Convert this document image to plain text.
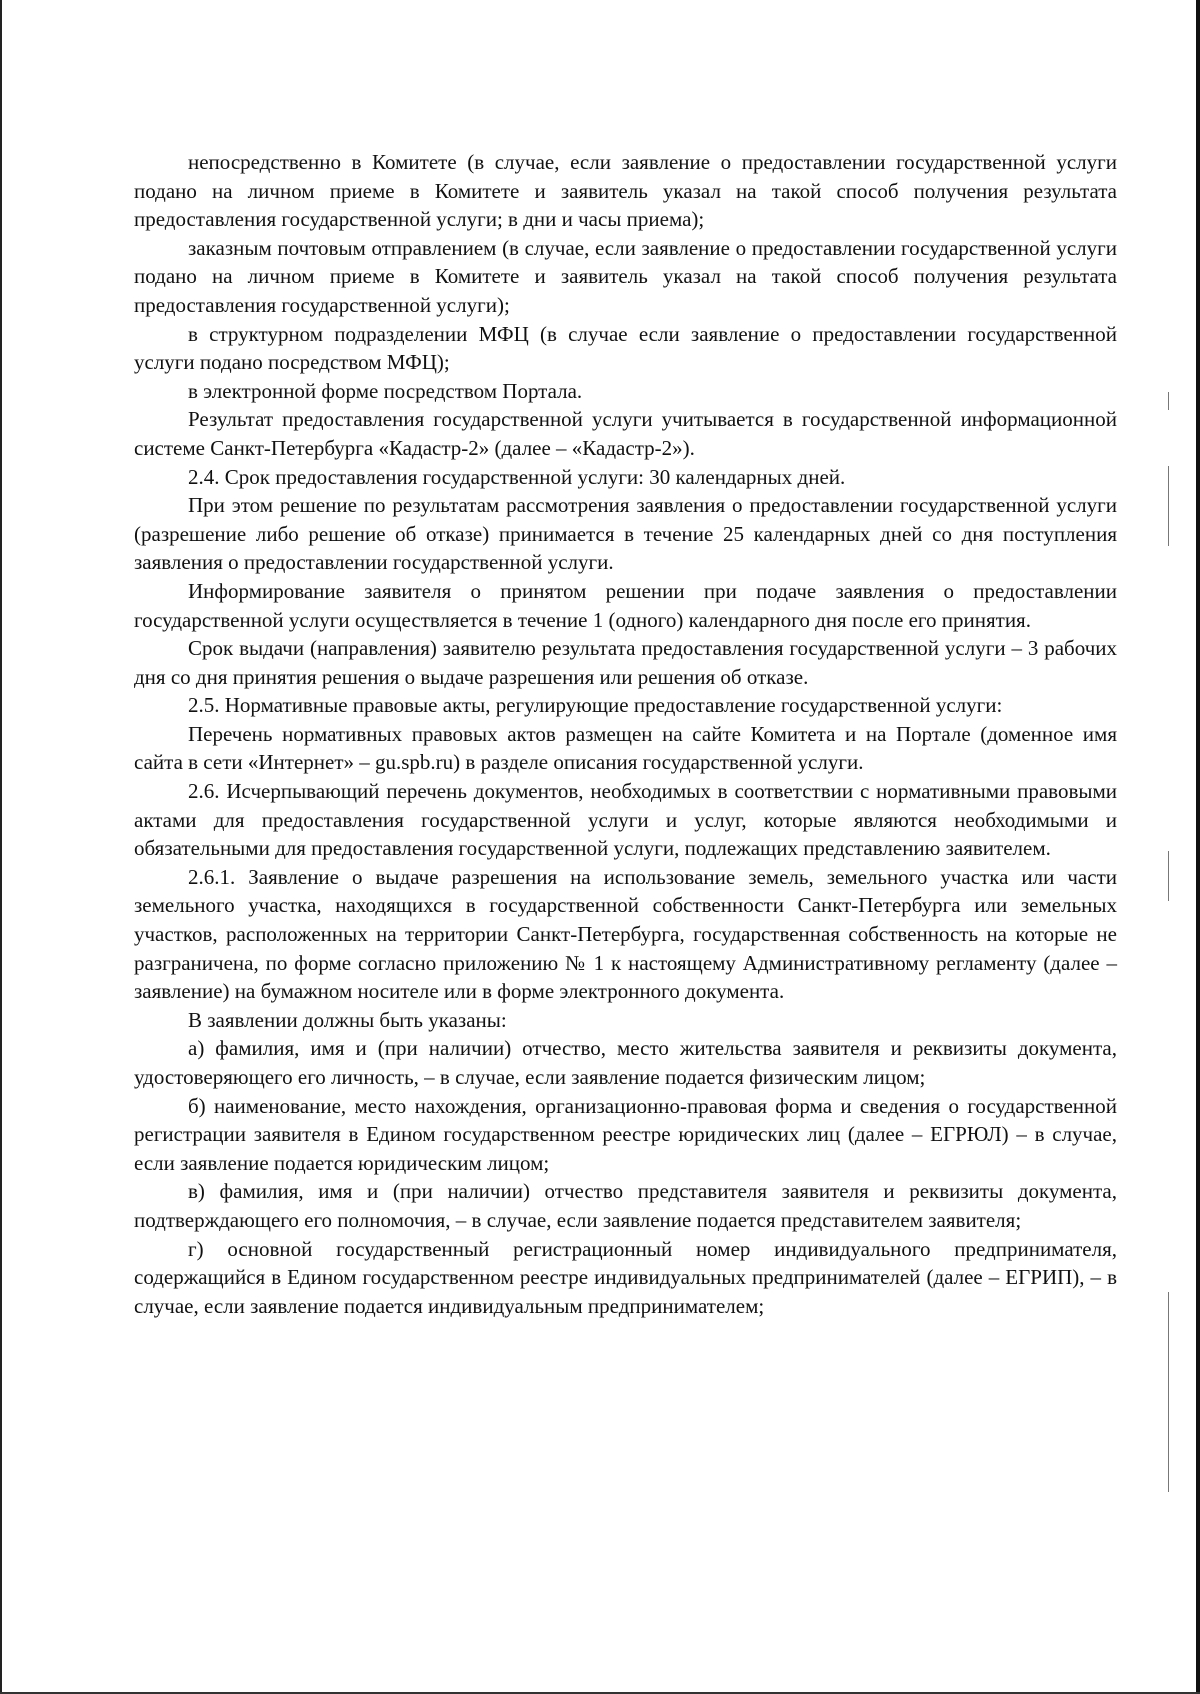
непосредственно в Комитете (в случае, если заявление о предоставлении государственной услуги подано на личном приеме в Комитете и заявитель указал на такой способ получения результата предоставления государственной услуги; в дни и часы приема);

заказным почтовым отправлением (в случае, если заявление о предоставлении государственной услуги подано на личном приеме в Комитете и заявитель указал на такой способ получения результата предоставления государственной услуги);

в структурном подразделении МФЦ (в случае если заявление о предоставлении государственной услуги подано посредством МФЦ);

в электронной форме посредством Портала.

Результат предоставления государственной услуги учитывается в государственной информационной системе Санкт-Петербурга «Кадастр-2» (далее – «Кадастр-2»).

2.4. Срок предоставления государственной услуги: 30 календарных дней.

При этом решение по результатам рассмотрения заявления о предоставлении государственной услуги (разрешение либо решение об отказе) принимается в течение 25 календарных дней со дня поступления заявления о предоставлении государственной услуги.

Информирование заявителя о принятом решении при подаче заявления о предоставлении государственной услуги осуществляется в течение 1 (одного) календарного дня после его принятия.

Срок выдачи (направления) заявителю результата предоставления государственной услуги – 3 рабочих дня со дня принятия решения о выдаче разрешения или решения об отказе.

2.5. Нормативные правовые акты, регулирующие предоставление государственной услуги:

Перечень нормативных правовых актов размещен на сайте Комитета и на Портале (доменное имя сайта в сети «Интернет» – gu.spb.ru) в разделе описания государственной услуги.

2.6. Исчерпывающий перечень документов, необходимых в соответствии с нормативными правовыми актами для предоставления государственной услуги и услуг, которые являются необходимыми и обязательными для предоставления государственной услуги, подлежащих представлению заявителем.

2.6.1. Заявление о выдаче разрешения на использование земель, земельного участка или части земельного участка, находящихся в государственной собственности Санкт-Петербурга или земельных участков, расположенных на территории Санкт-Петербурга, государственная собственность на которые не разграничена, по форме согласно приложению № 1 к настоящему Административному регламенту (далее – заявление) на бумажном носителе или в форме электронного документа.

В заявлении должны быть указаны:

а) фамилия, имя и (при наличии) отчество, место жительства заявителя и реквизиты документа, удостоверяющего его личность, – в случае, если заявление подается физическим лицом;

б) наименование, место нахождения, организационно-правовая форма и сведения о государственной регистрации заявителя в Едином государственном реестре юридических лиц (далее – ЕГРЮЛ) – в случае, если заявление подается юридическим лицом;

в) фамилия, имя и (при наличии) отчество представителя заявителя и реквизиты документа, подтверждающего его полномочия, – в случае, если заявление подается представителем заявителя;

г) основной государственный регистрационный номер индивидуального предпринимателя, содержащийся в Едином государственном реестре индивидуальных предпринимателей (далее – ЕГРИП), – в случае, если заявление подается индивидуальным предпринимателем;
